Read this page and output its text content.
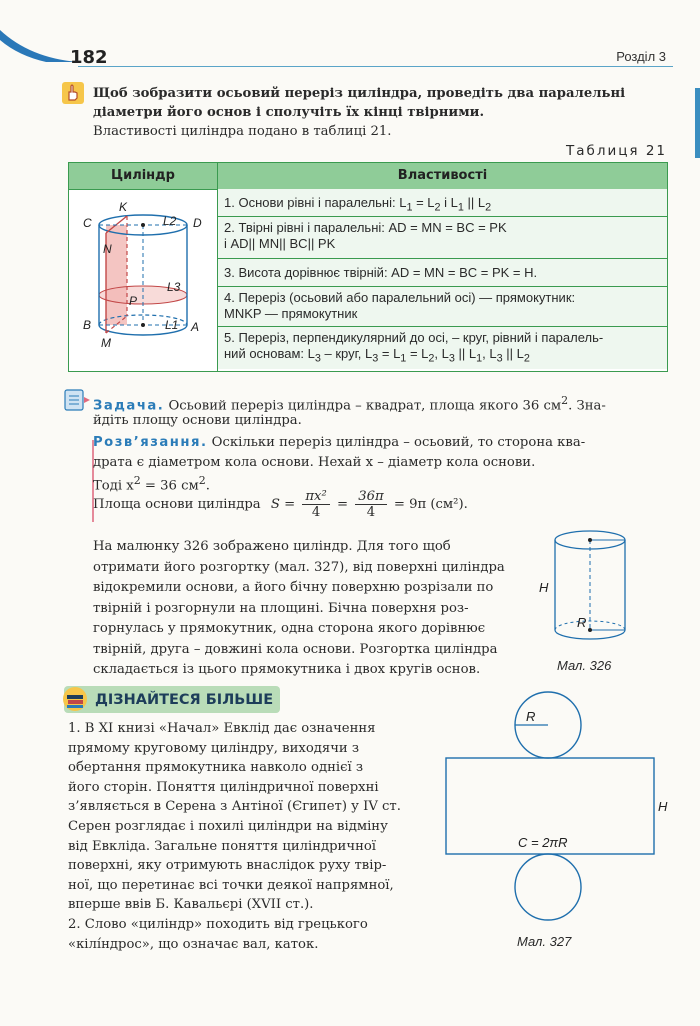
182	Розділ 3
Щоб зобразити осьовий переріз циліндра, проведіть два паралельні
діаметри його основ і сполучіть їх кінці твірними.
Властивості циліндра подано в таблиці 21.
Таблиця 21
Циліндр	Властивості
K
C	D
L2
N
L3
P
B
M
L1 A
1. Основи рівні і паралельні: $L_1 = L_2$ і $L_1$ || $L_2$
2. Твірні рівні і паралельні: AD = MN = BC = PK
і AD|| MN|| BC|| PK
3. Висота дорівнює твірній: AD = MN = BC = PK = H.
4. Переріз (осьовий або паралельний осі) — прямокутник:
MNKP — прямокутник
5. Переріз, перпендикулярний до осі, – круг, рівний і паралель-
ний основам: $L_3$ – круг, $L_3 = L_1 = L_2$, $L_3$ || $L_1$, $L_3$ || $L_2$
Задача. Осьовий переріз циліндра – квадрат, площа якого 36 $см^2$. Зна-
йдіть площу основи циліндра.
Розв’язання. Оскільки переріз циліндра – осьовий, то сторона ква-
драта є діаметром кола основи. Нехай x – діаметр кола основи.
Тоді $x^2 = 36$ $см^2$.
Площа основи циліндра $S = \frac{\text{πx²}}{4} = \frac{36\pi}{4} = 9\pi$ (см²).
На малюнку 326 зображено циліндр. Для того щоб
отримати його розгортку (мал. 327), від поверхні циліндра
відокремили основи, а його бічну поверхню розрізали по
твірній і розгорнули на площині. Бічна поверхня роз-
горнулась у прямокутник, одна сторона якого дорівнює
твірній, друга – довжині кола основи. Розгортка циліндра
складається із цього прямокутника і двох кругів основ.
H
R
Мал. 326
ДІЗНАЙТЕСЯ БІЛЬШЕ
1. В XI книзі «Начал» Евклід дає означення
прямому круговому циліндру, виходячи з
обертання прямокутника навколо однієї з
його сторін. Поняття циліндричної поверхні
з’являється в Серена з Антіної (Єгипет) у IV ст.
Серен розглядає і похилі циліндри на відміну
від Евкліда. Загальне поняття циліндричної
поверхні, яку отримують внаслідок руху твір-
ної, що перетинає всі точки деякої напрямної,
вперше ввів Б. Кавальєрі (XVII ст.).
2. Слово «циліндр» походить від грецького
«кілíндрос», що означає вал, каток.
R
H
C = 2πR
Мал. 327
